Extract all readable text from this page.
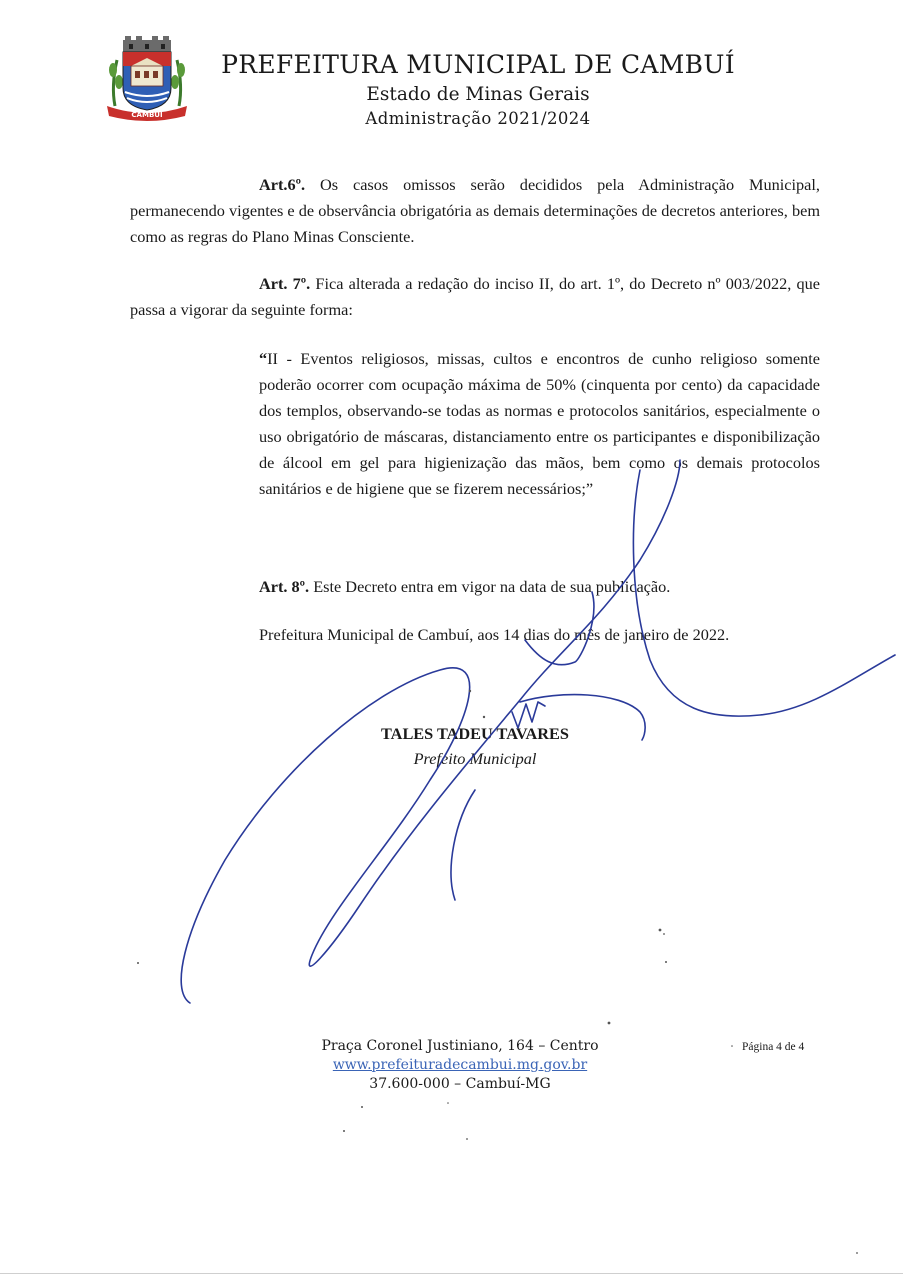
CAMBUÍ
PREFEITURA MUNICIPAL DE CAMBUÍ
Estado de Minas Gerais
Administração 2021/2024
Art.6º. Os casos omissos serão decididos pela Administração Municipal, permanecendo vigentes e de observância obrigatória as demais determinações de decretos anteriores, bem como as regras do Plano Minas Consciente.
Art. 7º. Fica alterada a redação do inciso II, do art. 1º, do Decreto nº 003/2022, que passa a vigorar da seguinte forma:
“II - Eventos religiosos, missas, cultos e encontros de cunho religioso somente poderão ocorrer com ocupação máxima de 50% (cinquenta por cento) da capacidade dos templos, observando-se todas as normas e protocolos sanitários, especialmente o uso obrigatório de máscaras, distanciamento entre os participantes e disponibilização de álcool em gel para higienização das mãos, bem como os demais protocolos sanitários e de higiene que se fizerem necessários;”
Art. 8º. Este Decreto entra em vigor na data de sua publicação.
Prefeitura Municipal de Cambuí, aos 14 dias do mês de janeiro de 2022.
TALES TADEU TAVARES
Prefeito Municipal
Praça Coronel Justiniano, 164 – Centro
www.prefeituradecambui.mg.gov.br
37.600-000 – Cambuí-MG
Página 4 de 4
